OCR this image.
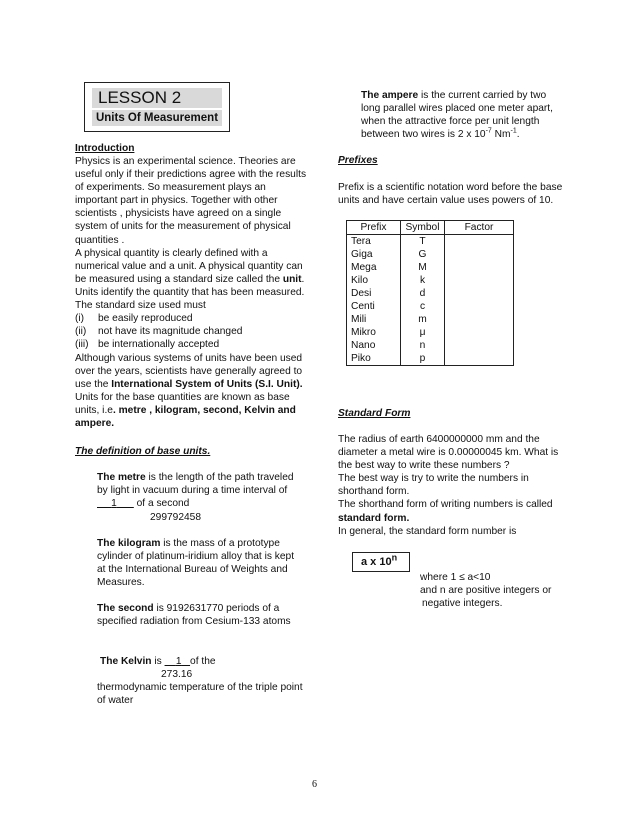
LESSON 2
Units Of Measurement
Introduction
Physics is an experimental science. Theories are useful only if their predictions agree with the results of experiments. So measurement plays an important part in physics. Together with other scientists , physicists have agreed on a single system of units for the measurement of physical quantities .
A physical quantity is clearly defined with a numerical value and a unit. A physical quantity can be measured using a standard size called the unit.
Units identify the quantity that has been measured.
The standard size used must
(i)	be easily reproduced
(ii)	not have its magnitude changed
(iii) be internationally accepted
Although various systems of units have been used over the years, scientists have generally agreed to use the International System of Units (S.I. Unit). Units for the base quantities are known as base units, i.e. metre , kilogram, second, Kelvin and ampere.
The definition of base units.
The metre is the length of the path traveled by light in vacuum during a time interval of      1       of a second
299792458
The kilogram is the mass of a prototype cylinder of platinum-iridium alloy that is kept at the International Bureau of Weights and Measures.
The second is 9192631770 periods of a specified radiation from Cesium-133 atoms
The Kelvin is     1 of the
273.16
thermodynamic temperature of the triple point of water
The ampere is the current carried by two long parallel wires placed one meter apart, when the attractive force per unit length between two wires is 2 x $10^{-7}$ $Nm^{-1}$.
Prefixes
Prefix is a scientific notation word before the base units and have certain value uses powers of 10.
Prefix	Symbol	Factor
Tera	T	
Giga	G	
Mega	M	
Kilo	k	
Desi	d	
Centi	c	
Mili	m	
Mikro	μ	
Nano	n	
Piko	p	
Standard Form
The radius of earth 6400000000 mm and the diameter a metal wire is 0.00000045 km. What is the best way to write these numbers ?
The best way is try to write the numbers in shorthand form.
The shorthand form of writing numbers is called standard form.
In general, the standard form number is
a x 10$^n$
where 1 ≤ a<10
and n are positive integers or
negative integers.
6
